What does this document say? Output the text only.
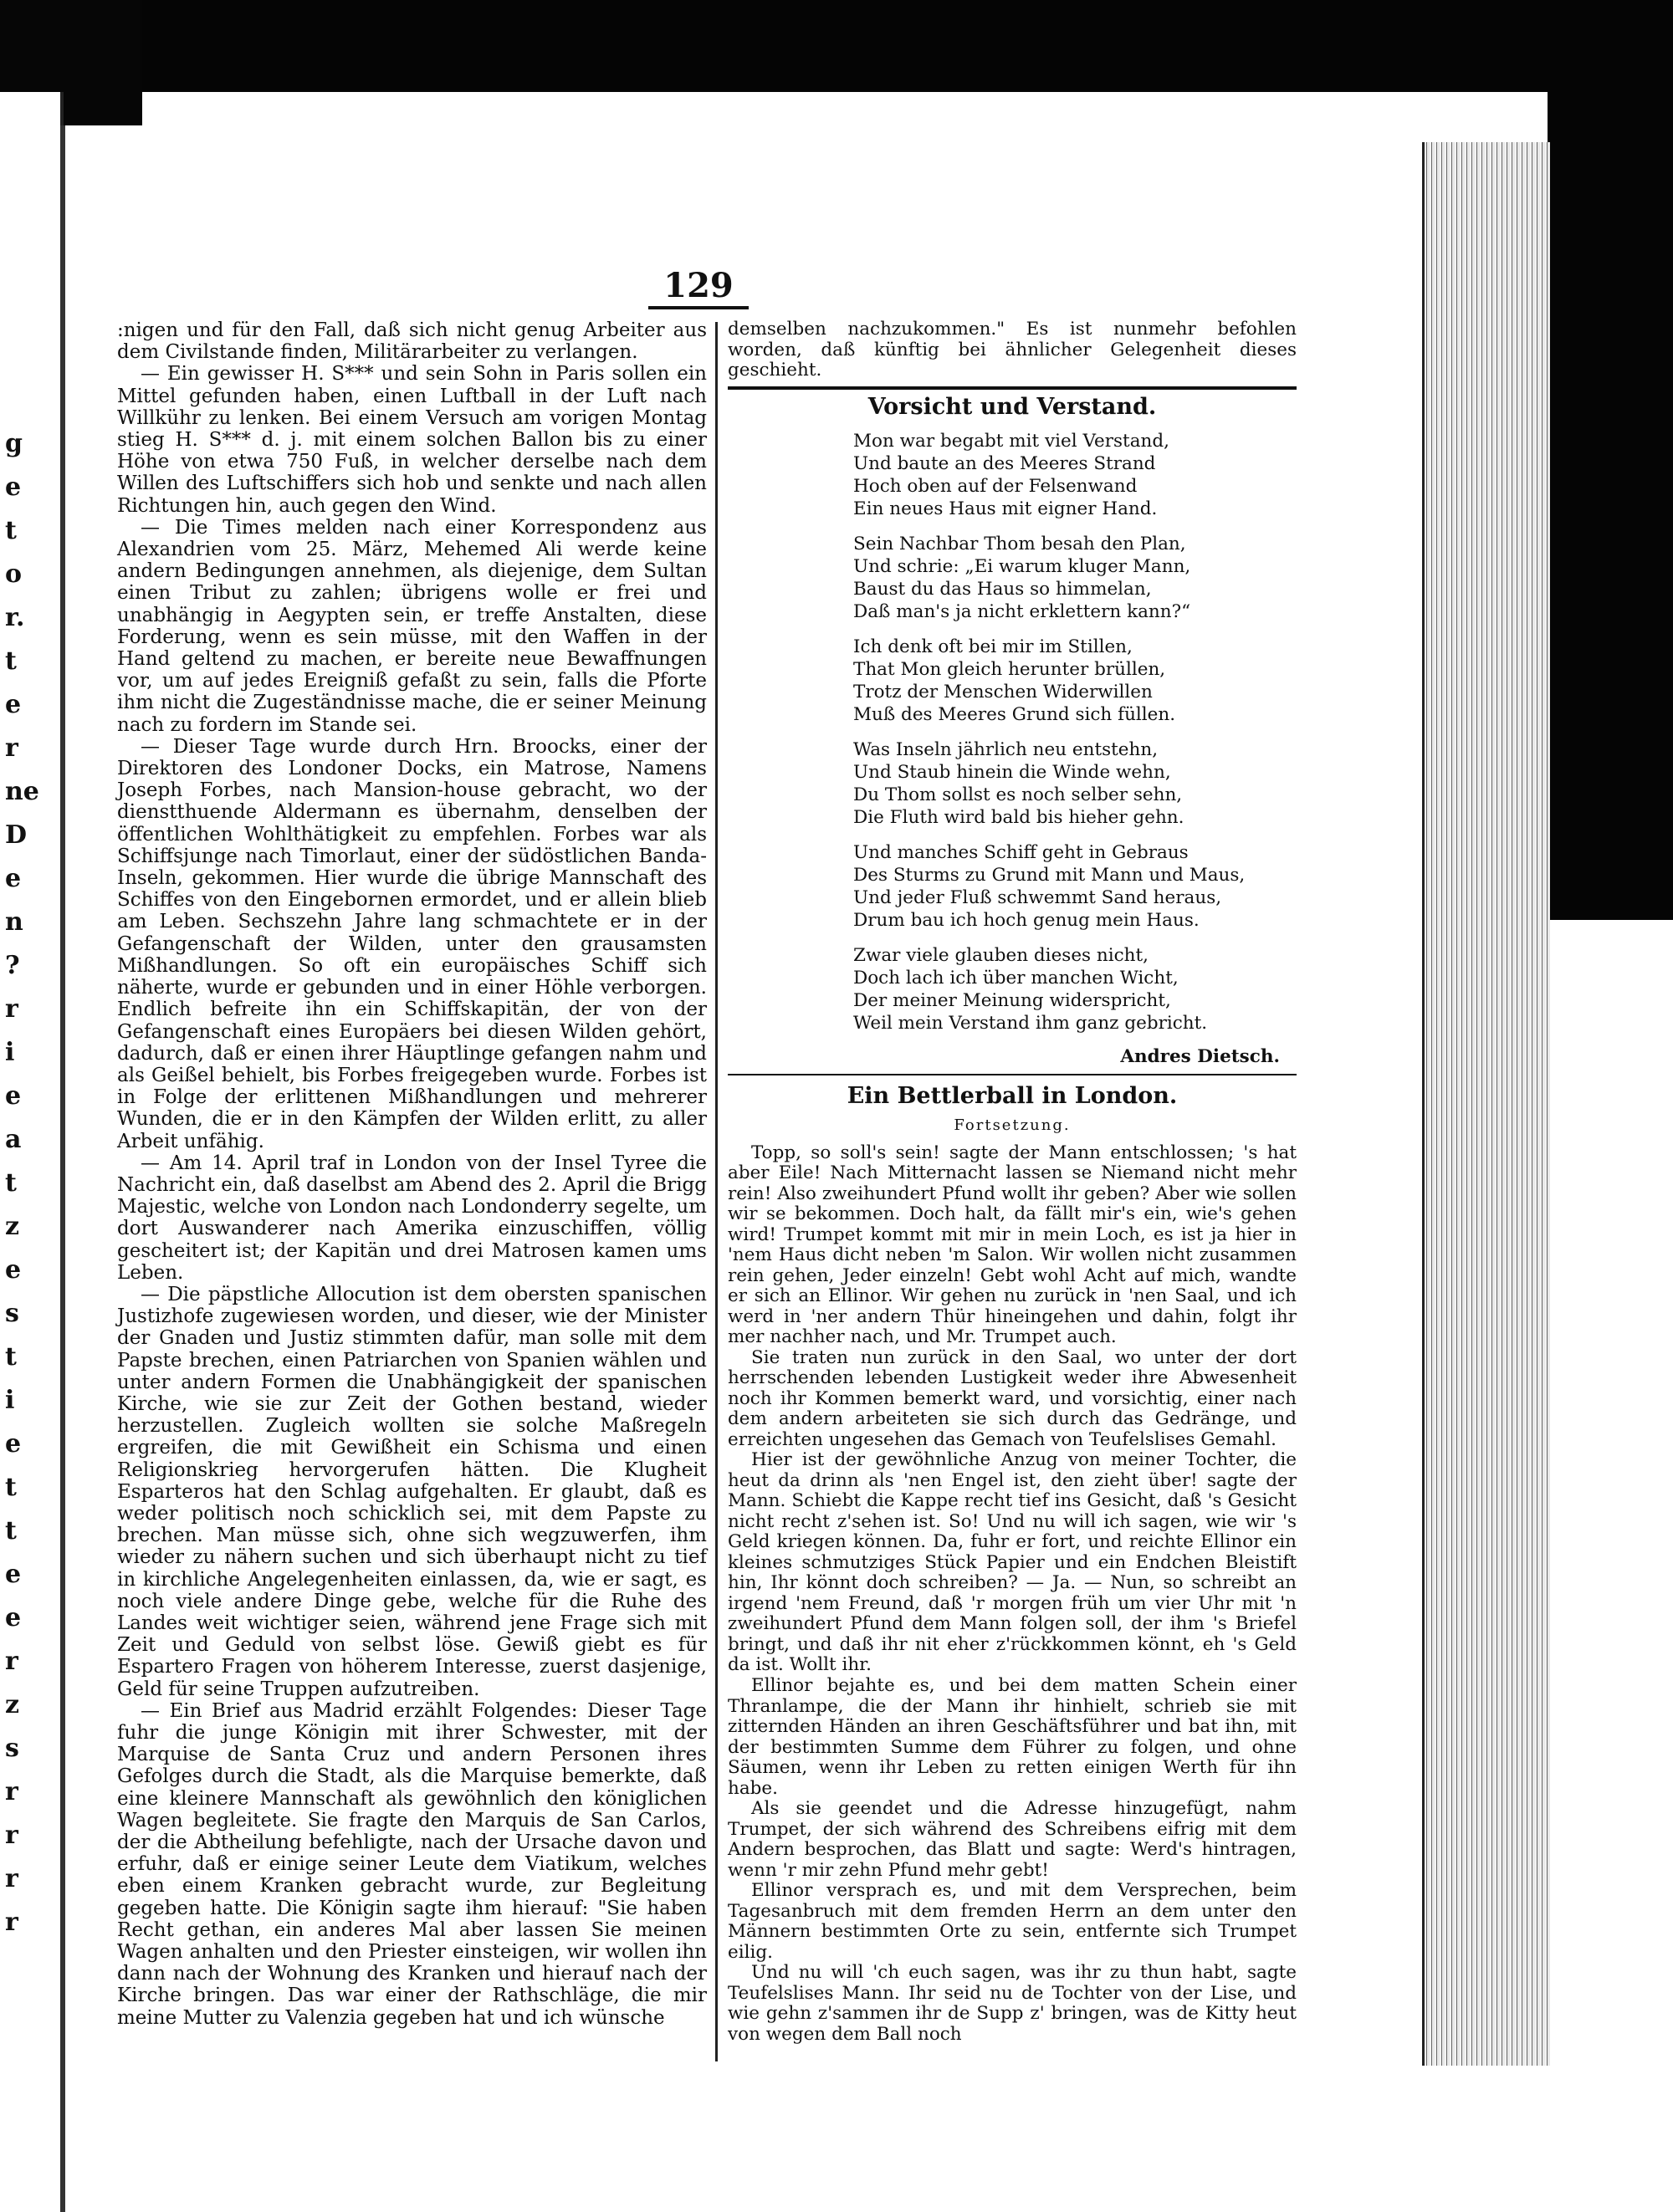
g
e
t
o
r.
t
e
r
ne
D
e
n
?
r
i
e
a
t
z
e
s
t
i
e
t
t
e
e
r
z
s
r
r
r
r
129

:nigen und für den Fall, daß sich nicht genug Arbeiter aus dem Civilstande finden, Militärarbeiter zu verlangen.

— Ein gewisser H. S*** und sein Sohn in Paris sollen ein Mittel gefunden haben, einen Luftball in der Luft nach Willkühr zu lenken. Bei einem Versuch am vorigen Montag stieg H. S*** d. j. mit einem solchen Ballon bis zu einer Höhe von etwa 750 Fuß, in welcher derselbe nach dem Willen des Luftschiffers sich hob und senkte und nach allen Richtungen hin, auch gegen den Wind.

— Die Times melden nach einer Korrespondenz aus Alexandrien vom 25. März, Mehemed Ali werde keine andern Bedingungen annehmen, als diejenige, dem Sultan einen Tribut zu zahlen; übrigens wolle er frei und unabhängig in Aegypten sein, er treffe Anstalten, diese Forderung, wenn es sein müsse, mit den Waffen in der Hand geltend zu machen, er bereite neue Bewaffnungen vor, um auf jedes Ereigniß gefaßt zu sein, falls die Pforte ihm nicht die Zugeständnisse mache, die er seiner Meinung nach zu fordern im Stande sei.

— Dieser Tage wurde durch Hrn. Broocks, einer der Direktoren des Londoner Docks, ein Matrose, Namens Joseph Forbes, nach Mansion-house gebracht, wo der dienstthuende Aldermann es übernahm, denselben der öffentlichen Wohlthätigkeit zu empfehlen. Forbes war als Schiffsjunge nach Timorlaut, einer der südöstlichen Banda-Inseln, gekommen. Hier wurde die übrige Mannschaft des Schiffes von den Eingebornen ermordet, und er allein blieb am Leben. Sechszehn Jahre lang schmachtete er in der Gefangenschaft der Wilden, unter den grausamsten Mißhandlungen. So oft ein europäisches Schiff sich näherte, wurde er gebunden und in einer Höhle verborgen. Endlich befreite ihn ein Schiffskapitän, der von der Gefangenschaft eines Europäers bei diesen Wilden gehört, dadurch, daß er einen ihrer Häuptlinge gefangen nahm und als Geißel behielt, bis Forbes freigegeben wurde. Forbes ist in Folge der erlittenen Mißhandlungen und mehrerer Wunden, die er in den Kämpfen der Wilden erlitt, zu aller Arbeit unfähig.

— Am 14. April traf in London von der Insel Tyree die Nachricht ein, daß daselbst am Abend des 2. April die Brigg Majestic, welche von London nach Londonderry segelte, um dort Auswanderer nach Amerika einzuschiffen, völlig gescheitert ist; der Kapitän und drei Matrosen kamen ums Leben.

— Die päpstliche Allocution ist dem obersten spanischen Justizhofe zugewiesen worden, und dieser, wie der Minister der Gnaden und Justiz stimmten dafür, man solle mit dem Papste brechen, einen Patriarchen von Spanien wählen und unter andern Formen die Unabhängigkeit der spanischen Kirche, wie sie zur Zeit der Gothen bestand, wieder herzustellen. Zugleich wollten sie solche Maßregeln ergreifen, die mit Gewißheit ein Schisma und einen Religionskrieg hervorgerufen hätten. Die Klugheit Esparteros hat den Schlag aufgehalten. Er glaubt, daß es weder politisch noch schicklich sei, mit dem Papste zu brechen. Man müsse sich, ohne sich wegzuwerfen, ihm wieder zu nähern suchen und sich überhaupt nicht zu tief in kirchliche Angelegenheiten einlassen, da, wie er sagt, es noch viele andere Dinge gebe, welche für die Ruhe des Landes weit wichtiger seien, während jene Frage sich mit Zeit und Geduld von selbst löse. Gewiß giebt es für Espartero Fragen von höherem Interesse, zuerst dasjenige, Geld für seine Truppen aufzutreiben.

— Ein Brief aus Madrid erzählt Folgendes: Dieser Tage fuhr die junge Königin mit ihrer Schwester, mit der Marquise de Santa Cruz und andern Personen ihres Gefolges durch die Stadt, als die Marquise bemerkte, daß eine kleinere Mannschaft als gewöhnlich den königlichen Wagen begleitete. Sie fragte den Marquis de San Carlos, der die Abtheilung befehligte, nach der Ursache davon und erfuhr, daß er einige seiner Leute dem Viatikum, welches eben einem Kranken gebracht wurde, zur Begleitung gegeben hatte. Die Königin sagte ihm hierauf: "Sie haben Recht gethan, ein anderes Mal aber lassen Sie meinen Wagen anhalten und den Priester einsteigen, wir wollen ihn dann nach der Wohnung des Kranken und hierauf nach der Kirche bringen. Das war einer der Rathschläge, die mir meine Mutter zu Valenzia gegeben hat und ich wünsche

demselben nachzukommen." Es ist nunmehr befohlen worden, daß künftig bei ähnlicher Gelegenheit dieses geschieht.

Vorsicht und Verstand.
Mon war begabt mit viel Verstand,
Und baute an des Meeres Strand
Hoch oben auf der Felsenwand
Ein neues Haus mit eigner Hand.
Sein Nachbar Thom besah den Plan,
Und schrie: „Ei warum kluger Mann,
Baust du das Haus so himmelan,
Daß man's ja nicht erklettern kann?“
Ich denk oft bei mir im Stillen,
That Mon gleich herunter brüllen,
Trotz der Menschen Widerwillen
Muß des Meeres Grund sich füllen.
Was Inseln jährlich neu entstehn,
Und Staub hinein die Winde wehn,
Du Thom sollst es noch selber sehn,
Die Fluth wird bald bis hieher gehn.
Und manches Schiff geht in Gebraus
Des Sturms zu Grund mit Mann und Maus,
Und jeder Fluß schwemmt Sand heraus,
Drum bau ich hoch genug mein Haus.
Zwar viele glauben dieses nicht,
Doch lach ich über manchen Wicht,
Der meiner Meinung widerspricht,
Weil mein Verstand ihm ganz gebricht.
Andres Dietsch.
Ein Bettlerball in London.
Fortsetzung.

Topp, so soll's sein! sagte der Mann entschlossen; 's hat aber Eile! Nach Mitternacht lassen se Niemand nicht mehr rein! Also zweihundert Pfund wollt ihr geben? Aber wie sollen wir se bekommen. Doch halt, da fällt mir's ein, wie's gehen wird! Trumpet kommt mit mir in mein Loch, es ist ja hier in 'nem Haus dicht neben 'm Salon. Wir wollen nicht zusammen rein gehen, Jeder einzeln! Gebt wohl Acht auf mich, wandte er sich an Ellinor. Wir gehen nu zurück in 'nen Saal, und ich werd in 'ner andern Thür hineingehen und dahin, folgt ihr mer nachher nach, und Mr. Trumpet auch.

Sie traten nun zurück in den Saal, wo unter der dort herrschenden lebenden Lustigkeit weder ihre Abwesenheit noch ihr Kommen bemerkt ward, und vorsichtig, einer nach dem andern arbeiteten sie sich durch das Gedränge, und erreichten ungesehen das Gemach von Teufelslises Gemahl.

Hier ist der gewöhnliche Anzug von meiner Tochter, die heut da drinn als 'nen Engel ist, den zieht über! sagte der Mann. Schiebt die Kappe recht tief ins Gesicht, daß 's Gesicht nicht recht z'sehen ist. So! Und nu will ich sagen, wie wir 's Geld kriegen können. Da, fuhr er fort, und reichte Ellinor ein kleines schmutziges Stück Papier und ein Endchen Bleistift hin, Ihr könnt doch schreiben? — Ja. — Nun, so schreibt an irgend 'nem Freund, daß 'r morgen früh um vier Uhr mit 'n zweihundert Pfund dem Mann folgen soll, der ihm 's Briefel bringt, und daß ihr nit eher z'rückkommen könnt, eh 's Geld da ist. Wollt ihr.

Ellinor bejahte es, und bei dem matten Schein einer Thranlampe, die der Mann ihr hinhielt, schrieb sie mit zitternden Händen an ihren Geschäftsführer und bat ihn, mit der bestimmten Summe dem Führer zu folgen, und ohne Säumen, wenn ihr Leben zu retten einigen Werth für ihn habe.

Als sie geendet und die Adresse hinzugefügt, nahm Trumpet, der sich während des Schreibens eifrig mit dem Andern besprochen, das Blatt und sagte: Werd's hintragen, wenn 'r mir zehn Pfund mehr gebt!

Ellinor versprach es, und mit dem Versprechen, beim Tagesanbruch mit dem fremden Herrn an dem unter den Männern bestimmten Orte zu sein, entfernte sich Trumpet eilig.

Und nu will 'ch euch sagen, was ihr zu thun habt, sagte Teufelslises Mann. Ihr seid nu de Tochter von der Lise, und wie gehn z'sammen ihr de Supp z' bringen, was de Kitty heut von wegen dem Ball noch
